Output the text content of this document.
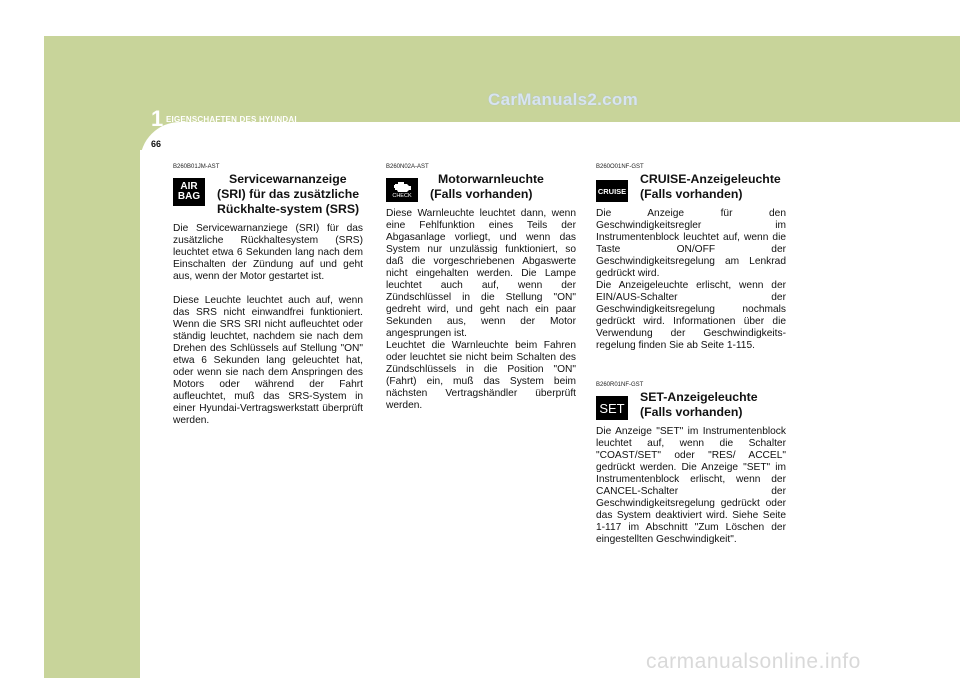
1 EIGENSCHAFTEN DES HYUNDAI
66
CarManuals2.com
carmanualsonline.info
B260B01JM-AST
AIR
BAG
Servicewarnanzeige
(SRI) für das zusätzliche
Rückhalte-system (SRS)

Die Servicewarnanziege (SRI) für das zusätzliche Rückhaltesystem (SRS) leuchtet etwa 6 Sekunden lang nach dem Einschalten der Zündung auf und geht aus, wenn der Motor gestartet ist.

Diese Leuchte leuchtet auch auf, wenn das SRS nicht einwandfrei funktioniert. Wenn die SRS SRI nicht aufleuchtet oder ständig leuchtet, nachdem sie nach dem Drehen des Schlüssels auf Stellung "ON" etwa 6 Sekunden lang geleuchtet hat, oder wenn sie nach dem Anspringen des Motors oder während der Fahrt aufleuchtet, muß das SRS-System in einer Hyundai-Vertragswerkstatt überprüft werden.

B260N02A-AST
CHECK
Motorwarnleuchte
(Falls vorhanden)

Diese Warnleuchte leuchtet dann, wenn eine Fehlfunktion eines Teils der Abgasanlage vorliegt, und wenn das System nur unzulässig funktioniert, so daß die vorgeschriebenen Abgaswerte nicht eingehalten werden. Die Lampe leuchtet auch auf, wenn der Zündschlüssel in die Stellung "ON" gedreht wird, und geht nach ein paar Sekunden aus, wenn der Motor angesprungen ist.
Leuchtet die Warnleuchte beim Fahren oder leuchtet sie nicht beim Schalten des Zündschlüssels in die Position "ON" (Fahrt) ein, muß das System beim nächsten Vertragshändler überprüft werden.

B260O01NF-GST
CRUISE
CRUISE-Anzeigeleuchte
(Falls vorhanden)

Die Anzeige für den Geschwindigkeitsregler im Instrumentenblock leuchtet auf, wenn die Taste ON/OFF der Geschwindigkeitsregelung am Lenkrad gedrückt wird.
Die Anzeigeleuchte erlischt, wenn der EIN/AUS-Schalter der Geschwindigkeitsregelung nochmals gedrückt wird. Informationen über die Verwendung der Geschwindigkeits-regelung finden Sie ab Seite 1-115.

B260R01NF-GST
SET
SET-Anzeigeleuchte
(Falls vorhanden)

Die Anzeige "SET" im Instrumentenblock leuchtet auf, wenn die Schalter "COAST/SET" oder "RES/ ACCEL" gedrückt werden. Die Anzeige "SET" im Instrumentenblock erlischt, wenn der CANCEL-Schalter der Geschwindigkeitsregelung gedrückt oder das System deaktiviert wird. Siehe Seite 1-117 im Abschnitt "Zum Löschen der eingestellten Geschwindigkeit".
